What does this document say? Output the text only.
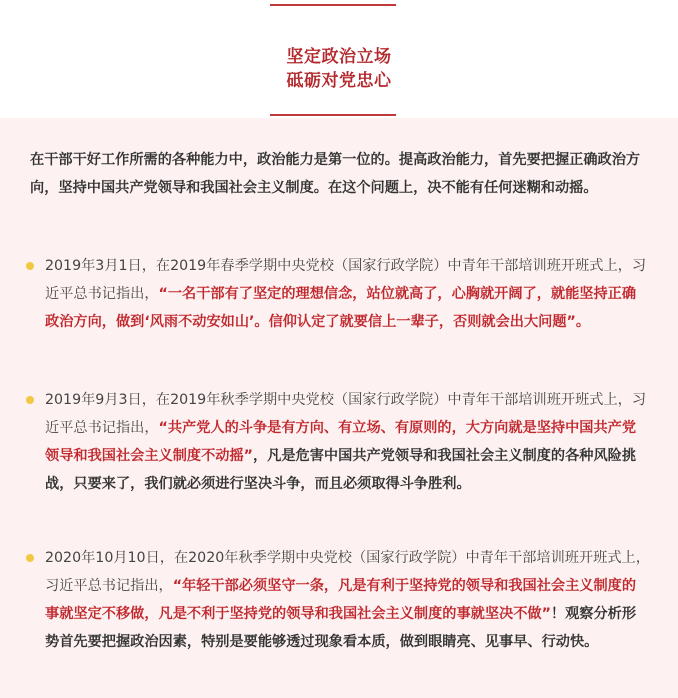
坚定政治立场
砥砺对党忠心
在干部干好工作所需的各种能力中，政治能力是第一位的。提高政治能力，首先要把握正确政治方向，坚持中国共产党领导和我国社会主义制度。在这个问题上，决不能有任何迷糊和动摇。
2019年3月1日，在2019年春季学期中央党校（国家行政学院）中青年干部培训班开班式上，习近平总书记指出，“一名干部有了坚定的理想信念，站位就高了，心胸就开阔了，就能坚持正确政治方向，做到‘风雨不动安如山’。信仰认定了就要信上一辈子，否则就会出大问题”。
2019年9月3日，在2019年秋季学期中央党校（国家行政学院）中青年干部培训班开班式上，习近平总书记指出，“共产党人的斗争是有方向、有立场、有原则的，大方向就是坚持中国共产党领导和我国社会主义制度不动摇”，凡是危害中国共产党领导和我国社会主义制度的各种风险挑战，只要来了，我们就必须进行坚决斗争，而且必须取得斗争胜利。
2020年10月10日，在2020年秋季学期中央党校（国家行政学院）中青年干部培训班开班式上，习近平总书记指出，“年轻干部必须坚守一条，凡是有利于坚持党的领导和我国社会主义制度的事就坚定不移做，凡是不利于坚持党的领导和我国社会主义制度的事就坚决不做”！观察分析形势首先要把握政治因素，特别是要能够透过现象看本质，做到眼睛亮、见事早、行动快。
